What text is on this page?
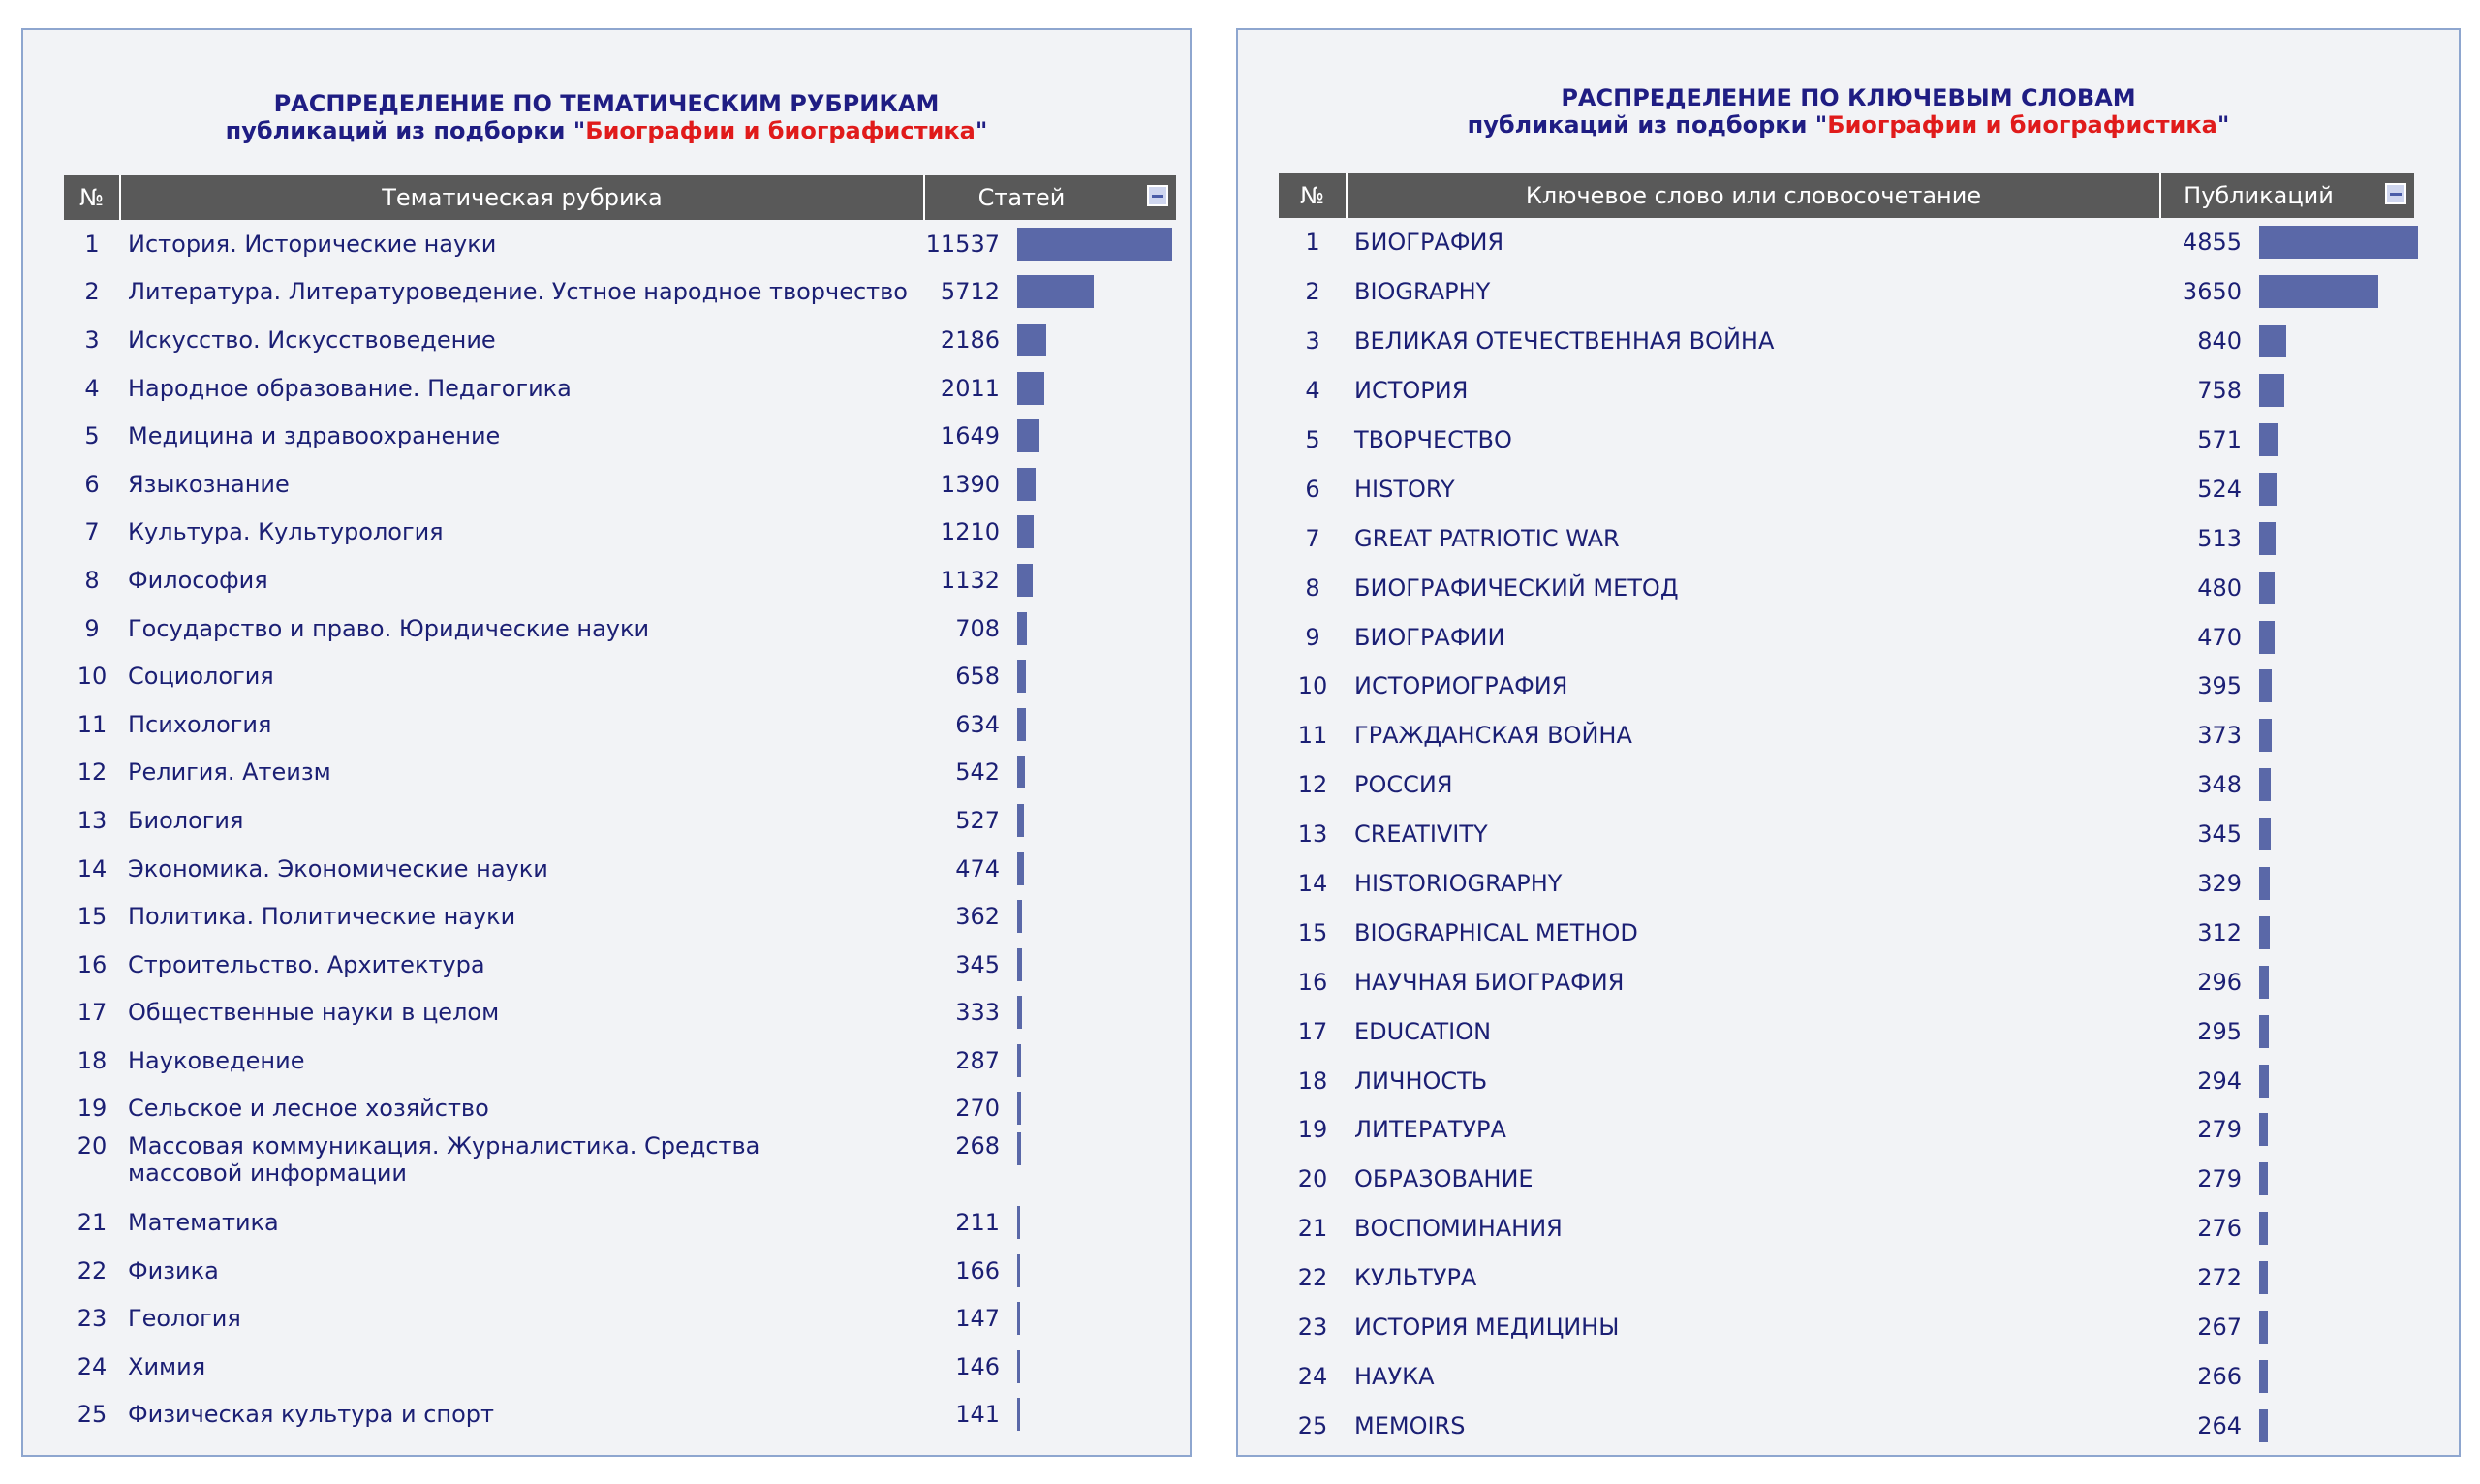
РАСПРЕДЕЛЕНИЕ ПО ТЕМАТИЧЕСКИМ РУБРИКАМ
публикаций из подборки "Биографии и биографистика"
№	Тематическая рубрика	Статей	

1	История. Исторические науки	11537	

2	Литература. Литературоведение. Устное народное творчество	5712	

3	Искусство. Искусствоведение	2186	

4	Народное образование. Педагогика	2011	

5	Медицина и здравоохранение	1649	

6	Языкознание	1390	

7	Культура. Культурология	1210	

8	Философия	1132	

9	Государство и право. Юридические науки	708	

10	Социология	658	

11	Психология	634	

12	Религия. Атеизм	542	

13	Биология	527	

14	Экономика. Экономические науки	474	

15	Политика. Политические науки	362	

16	Строительство. Архитектура	345	

17	Общественные науки в целом	333	

18	Науковедение	287	

19	Сельское и лесное хозяйство	270	

20	Массовая коммуникация. Журналистика. Средства массовой информации	268	

21	Математика	211	

22	Физика	166	

23	Геология	147	

24	Химия	146	

25	Физическая культура и спорт	141	
РАСПРЕДЕЛЕНИЕ ПО КЛЮЧЕВЫМ СЛОВАМ
публикаций из подборки "Биографии и биографистика"
№	Ключевое слово или словосочетание	Публикаций	

1	БИОГРАФИЯ	4855	

2	BIOGRAPHY	3650	

3	ВЕЛИКАЯ ОТЕЧЕСТВЕННАЯ ВОЙНА	840	

4	ИСТОРИЯ	758	

5	ТВОРЧЕСТВО	571	

6	HISTORY	524	

7	GREAT PATRIOTIC WAR	513	

8	БИОГРАФИЧЕСКИЙ МЕТОД	480	

9	БИОГРАФИИ	470	

10	ИСТОРИОГРАФИЯ	395	

11	ГРАЖДАНСКАЯ ВОЙНА	373	

12	РОССИЯ	348	

13	CREATIVITY	345	

14	HISTORIOGRAPHY	329	

15	BIOGRAPHICAL METHOD	312	

16	НАУЧНАЯ БИОГРАФИЯ	296	

17	EDUCATION	295	

18	ЛИЧНОСТЬ	294	

19	ЛИТЕРАТУРА	279	

20	ОБРАЗОВАНИЕ	279	

21	ВОСПОМИНАНИЯ	276	

22	КУЛЬТУРА	272	

23	ИСТОРИЯ МЕДИЦИНЫ	267	

24	НАУКА	266	

25	MEMOIRS	264	
